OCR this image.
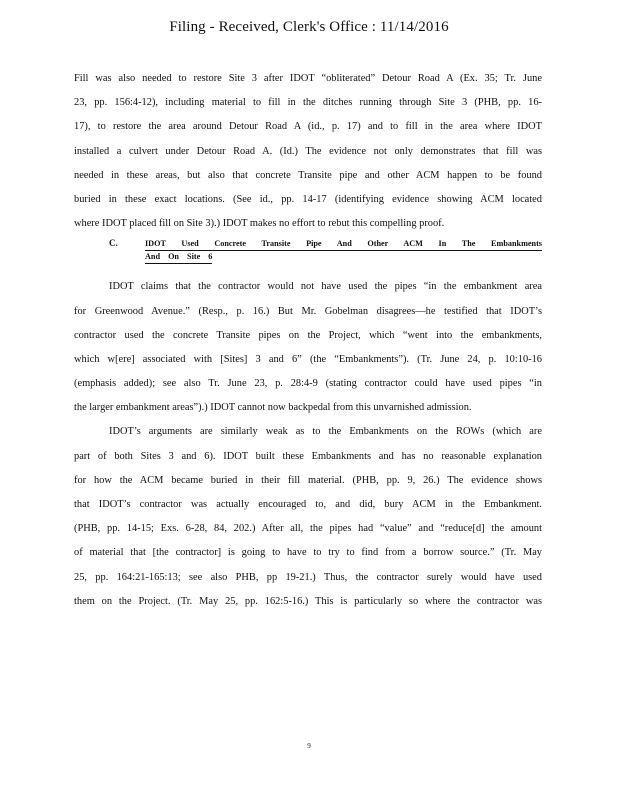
Filing - Received, Clerk's Office : 11/14/2016
Fill was also needed to restore Site 3 after IDOT “obliterated” Detour Road A (Ex. 35; Tr. June
23, pp. 156:4-12), including material to fill in the ditches running through Site 3 (PHB, pp. 16-
17), to restore the area around Detour Road A (id., p. 17) and to fill in the area where IDOT
installed a culvert under Detour Road A. (Id.) The evidence not only demonstrates that fill was
needed in these areas, but also that concrete Transite pipe and other ACM happen to be found
buried in these exact locations. (See id., pp. 14-17 (identifying evidence showing ACM located
where IDOT placed fill on Site 3).) IDOT makes no effort to rebut this compelling proof.
C.	IDOT Used Concrete Transite Pipe And Other ACM In The Embankments
And On Site 6
IDOT claims that the contractor would not have used the pipes “in the embankment area
for Greenwood Avenue.” (Resp., p. 16.) But Mr. Gobelman disagrees—he testified that IDOT’s
contractor used the concrete Transite pipes on the Project, which “went into the embankments,
which w[ere] associated with [Sites] 3 and 6” (the “Embankments”). (Tr. June 24, p. 10:10-16
(emphasis added); see also Tr. June 23, p. 28:4-9 (stating contractor could have used pipes “in
the larger embankment areas”).) IDOT cannot now backpedal from this unvarnished admission.
IDOT’s arguments are similarly weak as to the Embankments on the ROWs (which are
part of both Sites 3 and 6). IDOT built these Embankments and has no reasonable explanation
for how the ACM became buried in their fill material. (PHB, pp. 9, 26.) The evidence shows
that IDOT’s contractor was actually encouraged to, and did, bury ACM in the Embankment.
(PHB, pp. 14-15; Exs. 6-28, 84, 202.) After all, the pipes had “value” and “reduce[d] the amount
of material that [the contractor] is going to have to try to find from a borrow source.” (Tr. May
25, pp. 164:21-165:13; see also PHB, pp 19-21.) Thus, the contractor surely would have used
them on the Project. (Tr. May 25, pp. 162:5-16.) This is particularly so where the contractor was
9
